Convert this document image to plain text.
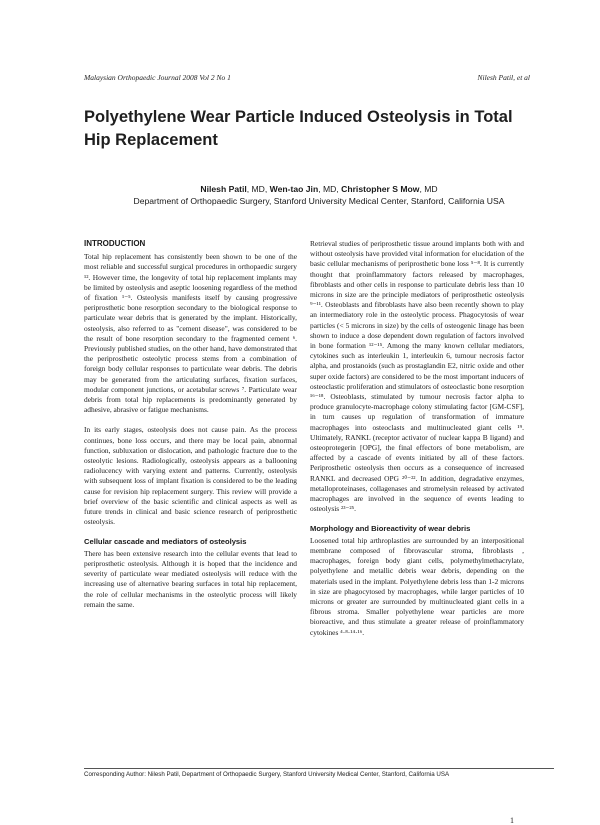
Malaysian Orthopaedic Journal 2008 Vol 2 No 1	Nilesh Patil, et al
Polyethylene Wear Particle Induced Osteolysis in Total Hip Replacement
Nilesh Patil, MD, Wen-tao Jin, MD, Christopher S Mow, MD
Department of Orthopaedic Surgery, Stanford University Medical Center, Stanford, California USA
INTRODUCTION

Total hip replacement has consistently been shown to be one of the most reliable and successful surgical procedures in orthopaedic surgery ¹². However time, the longevity of total hip replacement implants may be limited by osteolysis and aseptic loosening regardless of the method of fixation ¹⁻⁵. Osteolysis manifests itself by causing progressive periprosthetic bone resorption secondary to the biological response to particulate wear debris that is generated by the implant. Historically, osteolysis, also referred to as "cement disease", was considered to be the result of bone resorption secondary to the fragmented cement ⁶. Previously published studies, on the other hand, have demonstrated that the periprosthetic osteolytic process stems from a combination of foreign body cellular responses to particulate wear debris. The debris may be generated from the articulating surfaces, fixation surfaces, modular component junctions, or acetabular screws ⁷. Particulate wear debris from total hip replacements is predominantly generated by adhesive, abrasive or fatigue mechanisms.

In its early stages, osteolysis does not cause pain. As the process continues, bone loss occurs, and there may be local pain, abnormal function, subluxation or dislocation, and pathologic fracture due to the osteolytic lesions. Radiologically, osteolysis appears as a ballooning radiolucency with varying extent and patterns. Currently, osteolysis with subsequent loss of implant fixation is considered to be the leading cause for revision hip replacement surgery. This review will provide a brief overview of the basic scientific and clinical aspects as well as future trends in clinical and basic science research of periprosthetic osteolysis.

Cellular cascade and mediators of osteolysis

There has been extensive research into the cellular events that lead to periprosthetic osteolysis. Although it is hoped that the incidence and severity of particulate wear mediated osteolysis will reduce with the increasing use of alternative bearing surfaces in total hip replacement, the role of cellular mechanisms in the osteolytic process will likely remain the same.

Retrieval studies of periprosthetic tissue around implants both with and without osteolysis have provided vital information for elucidation of the basic cellular mechanisms of periprosthetic bone loss ⁵⁻⁸. It is currently thought that proinflammatory factors released by macrophages, fibroblasts and other cells in response to particulate debris less than 10 microns in size are the principle mediators of periprosthetic osteolysis ⁹⁻¹¹. Osteoblasts and fibroblasts have also been recently shown to play an intermediatory role in the osteolytic process. Phagocytosis of wear particles (< 5 microns in size) by the cells of osteogenic linage has been shown to induce a dose dependent down regulation of factors involved in bone formation ¹²⁻¹⁵. Among the many known cellular mediators, cytokines such as interleukin 1, interleukin 6, tumour necrosis factor alpha, and prostanoids (such as prostaglandin E2, nitric oxide and other super oxide factors) are considered to be the most important inducers of osteoclastic proliferation and stimulators of osteoclastic bone resorption ¹⁶⁻¹⁸. Osteoblasts, stimulated by tumour necrosis factor alpha to produce granulocyte-macrophage colony stimulating factor [GM-CSF], in turn causes up regulation of transformation of immature macrophages into osteoclasts and multinucleated giant cells ¹⁹. Ultimately, RANKL (receptor activator of nuclear kappa B ligand) and osteoprotegerin [OPG], the final effectors of bone metabolism, are affected by a cascade of events initiated by all of these factors. Periprosthetic osteolysis then occurs as a consequence of increased RANKL and decreased OPG ²⁰⁻²². In addition, degradative enzymes, metalloproteinases, collagenases and stromelysin released by activated macrophages are involved in the sequence of events leading to osteolysis ²³⁻²⁵.

Morphology and Bioreactivity of wear debris

Loosened total hip arthroplasties are surrounded by an interpositional membrane composed of fibrovascular stroma, fibroblasts , macrophages, foreign body giant cells, polymethylmethacrylate, polyethylene and metallic debris wear debris, depending on the materials used in the implant. Polyethylene debris less than 1-2 microns in size are phagocytosed by macrophages, while larger particles of 10 microns or greater are surrounded by multinucleated giant cells in a fibrous stroma. Smaller polyethylene wear particles are more bioreactive, and thus stimulate a greater release of proinflammatory cytokines ⁴·⁸·¹⁴·¹⁶.

Corresponding Author: Nilesh Patil, Department of Orthopaedic Surgery, Stanford University Medical Center, Stanford, California USA
1
